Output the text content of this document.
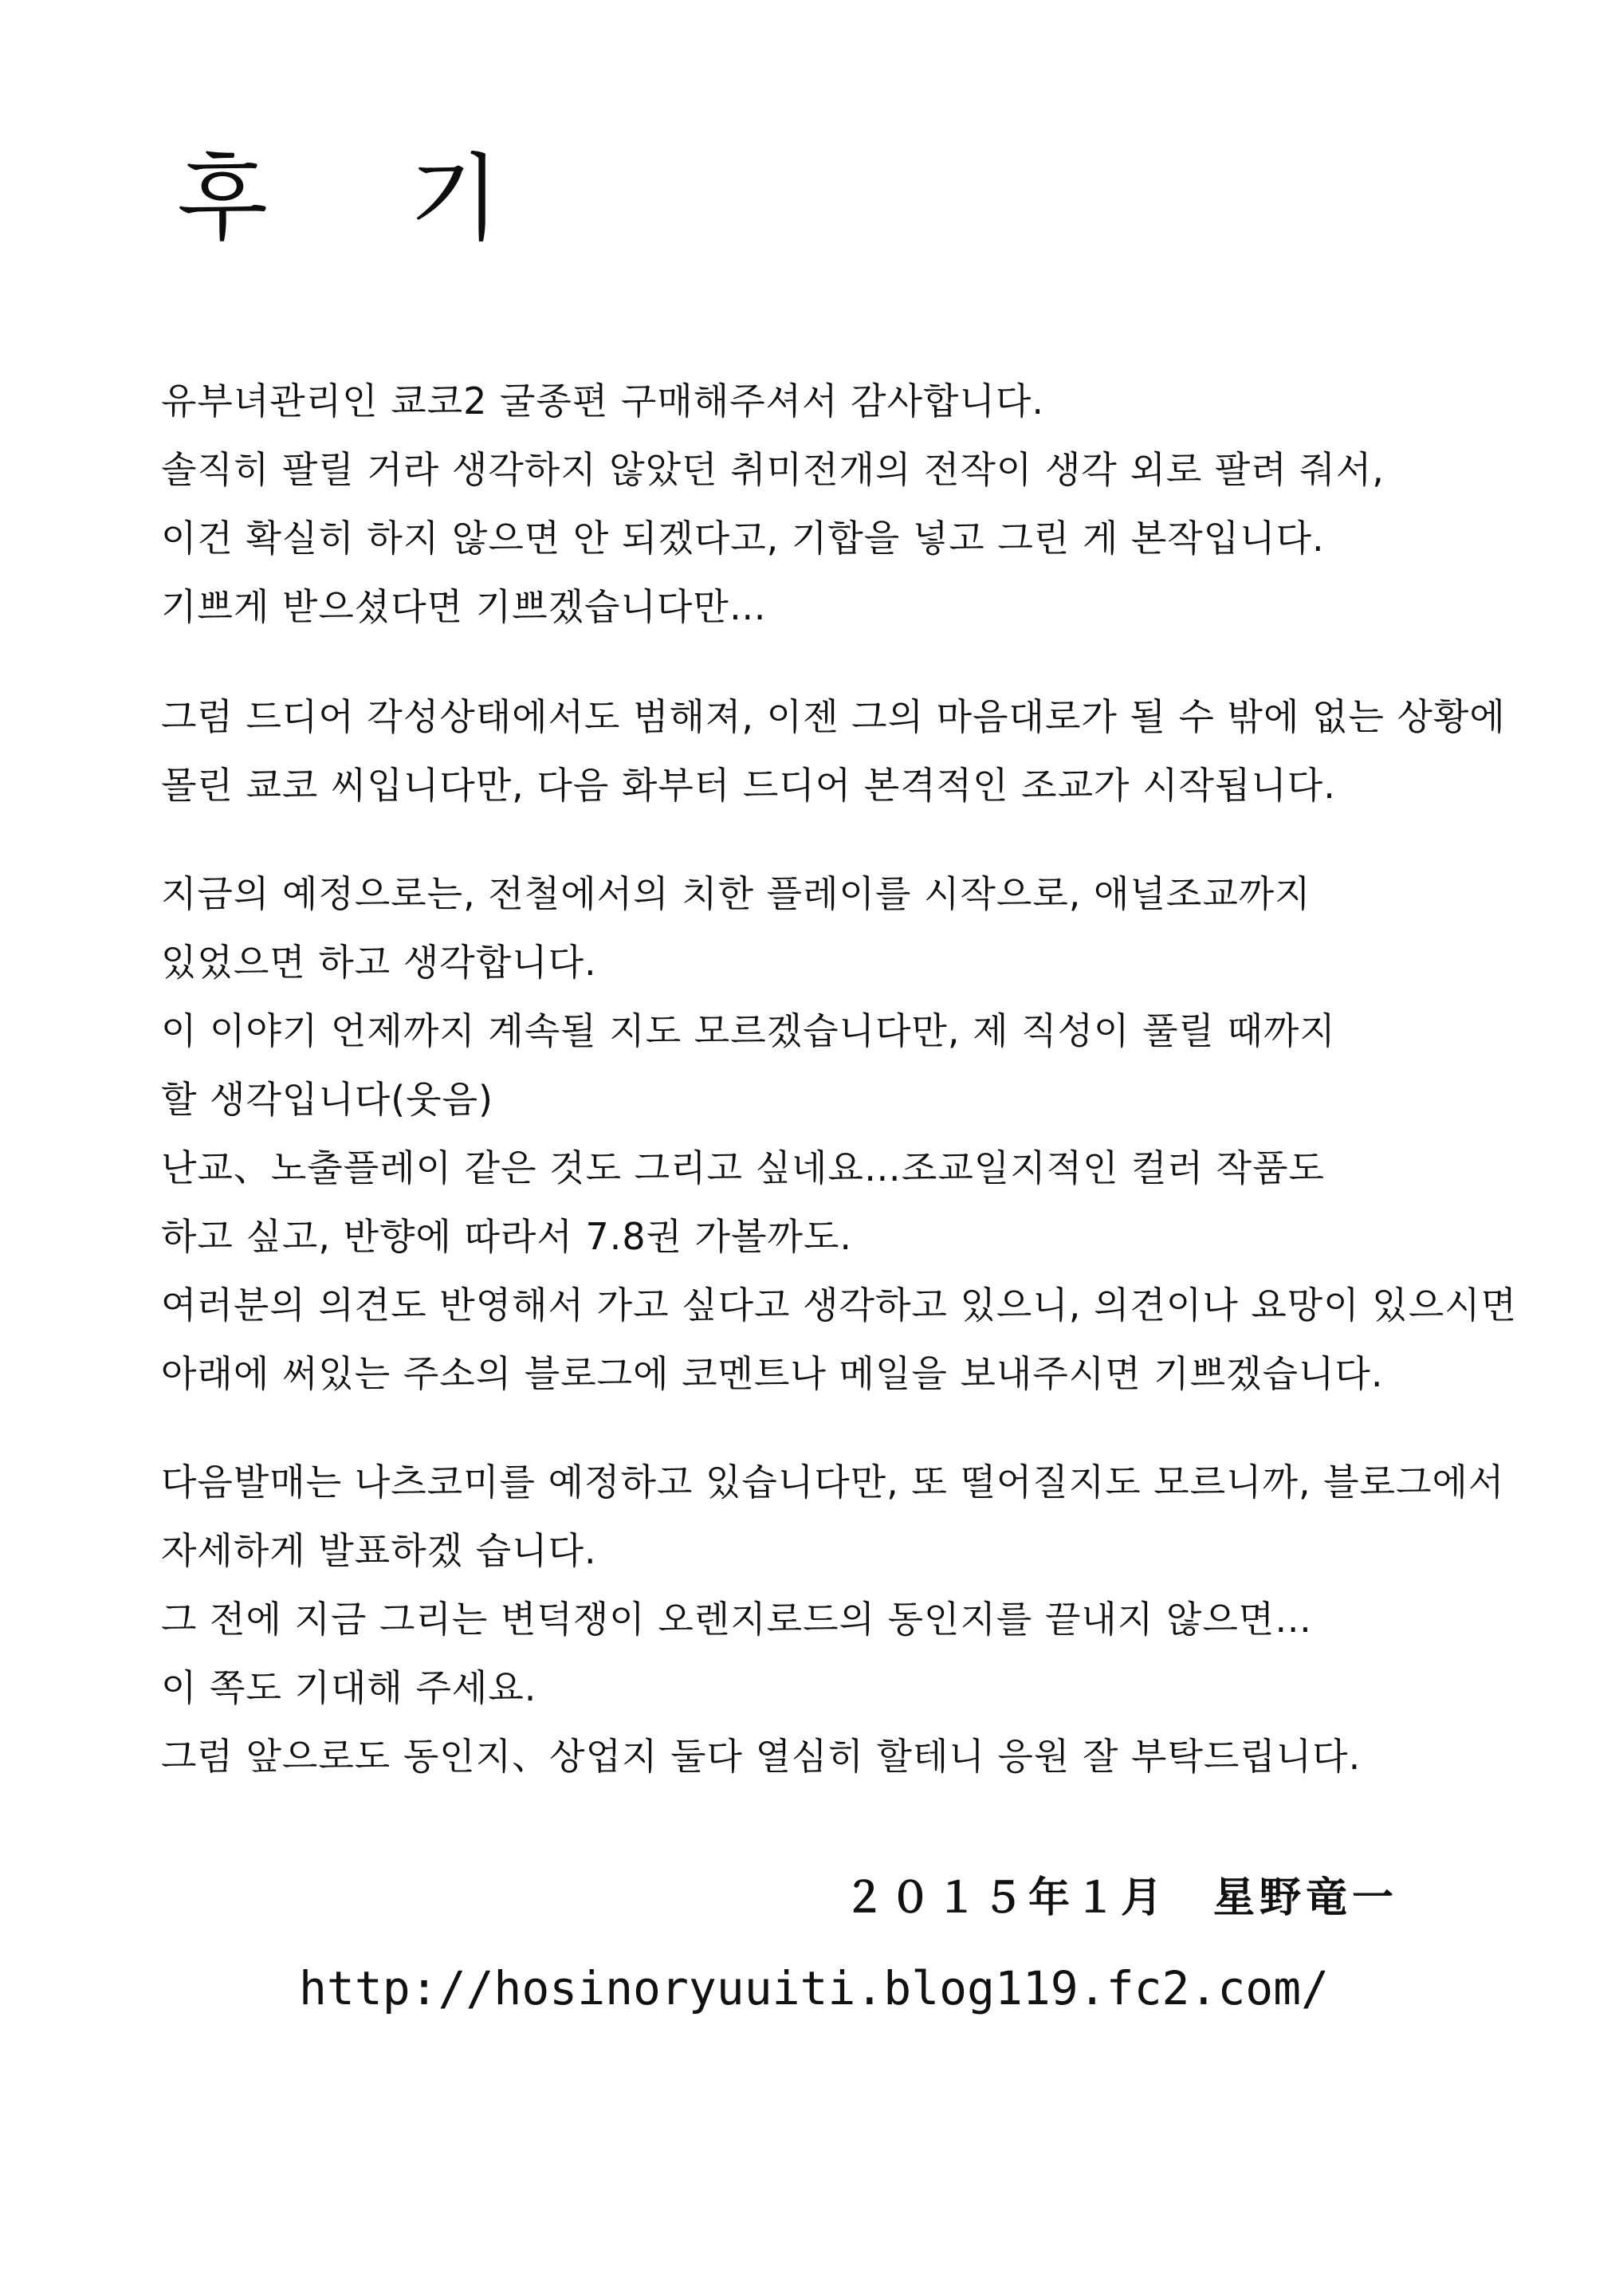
후 기
유부녀관리인 쿄코2 굴종편 구매해주셔서 감사합니다.
솔직히 팔릴 거라 생각하지 않았던 취미전개의 전작이 생각 외로 팔려 줘서,
이건 확실히 하지 않으면 안 되겠다고, 기합을 넣고 그린 게 본작입니다.
기쁘게 받으셨다면 기쁘겠습니다만…
그럼 드디어 각성상태에서도 범해져, 이젠 그의 마음대로가 될 수 밖에 없는 상황에
몰린 쿄코 씨입니다만, 다음 화부터 드디어 본격적인 조교가 시작됩니다.
지금의 예정으로는, 전철에서의 치한 플레이를 시작으로, 애널조교까지
있었으면 하고 생각합니다.
이 이야기 언제까지 계속될 지도 모르겠습니다만, 제 직성이 풀릴 때까지
할 생각입니다(웃음)
난교、노출플레이 같은 것도 그리고 싶네요…조교일지적인 컬러 작품도
하고 싶고, 반향에 따라서 7.8권 가볼까도.
여러분의 의견도 반영해서 가고 싶다고 생각하고 있으니, 의견이나 요망이 있으시면
아래에 써있는 주소의 블로그에 코멘트나 메일을 보내주시면 기쁘겠습니다.
다음발매는 나츠코미를 예정하고 있습니다만, 또 떨어질지도 모르니까, 블로그에서
자세하게 발표하겠 습니다.
그 전에 지금 그리는 변덕쟁이 오렌지로드의 동인지를 끝내지 않으면…
이 쪽도 기대해 주세요.
그럼 앞으로도 동인지、상업지 둘다 열심히 할테니 응원 잘 부탁드립니다.
２０１５年１月　星野竜一
http://hosinoryuuiti.blog119.fc2.com/
